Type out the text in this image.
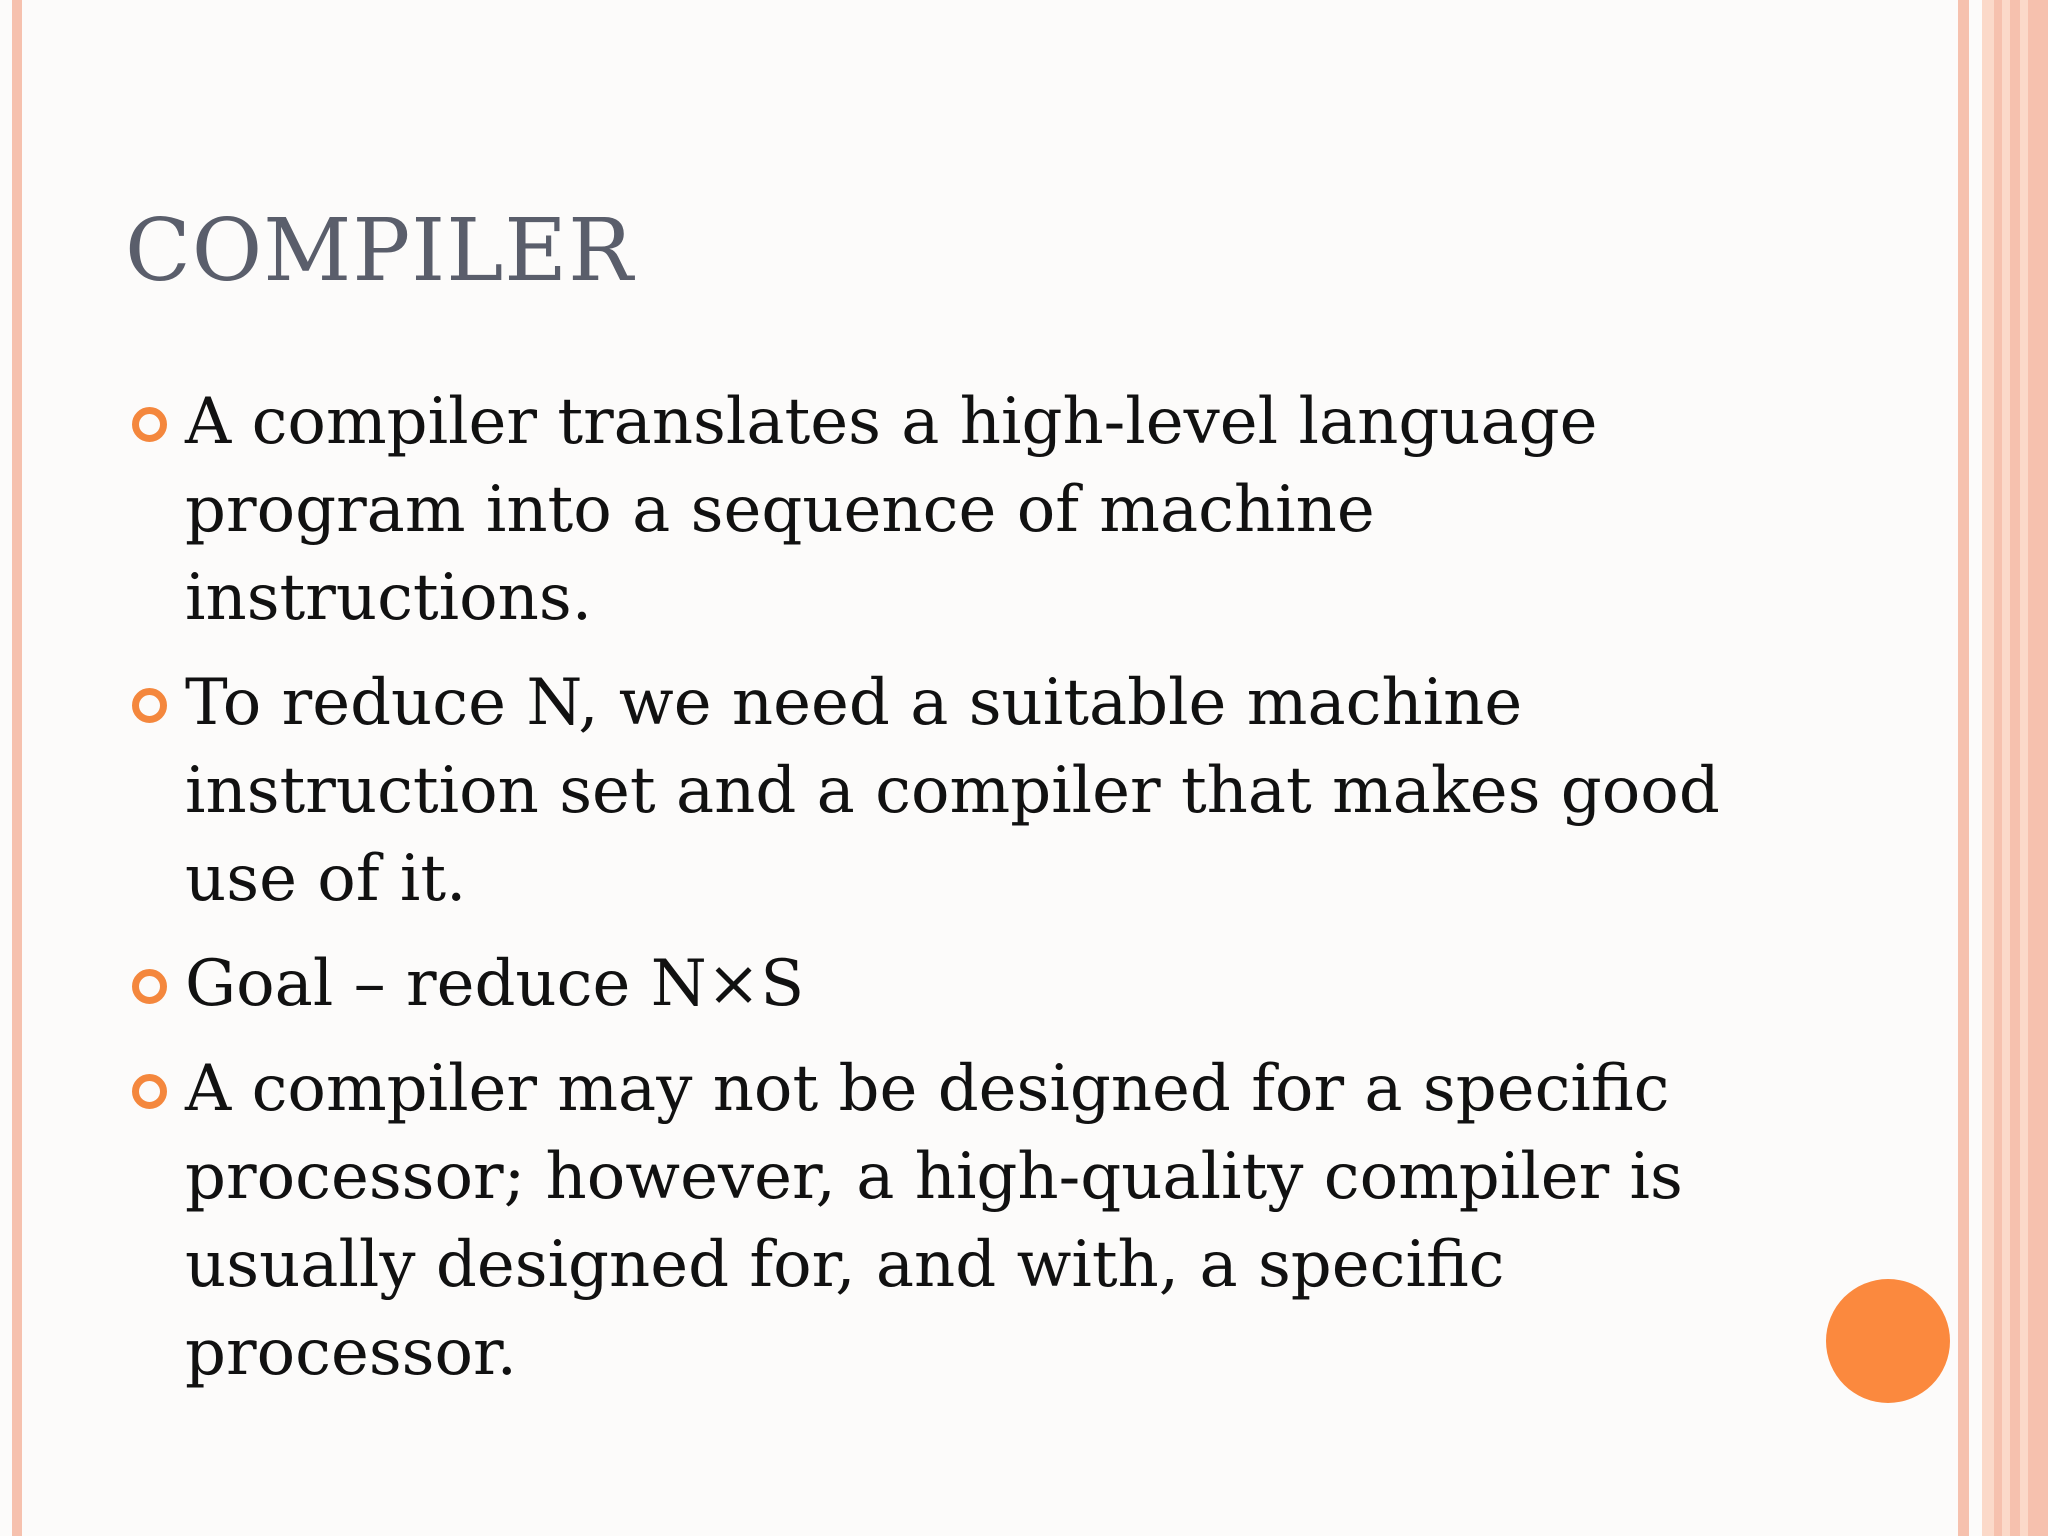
COMPILER
A compiler translates a high-level language program into a sequence of machine instructions.
To reduce N, we need a suitable machine instruction set and a compiler that makes good use of it.
Goal – reduce N×S
A compiler may not be designed for a specific processor; however, a high-quality compiler is usually designed for, and with, a specific processor.
